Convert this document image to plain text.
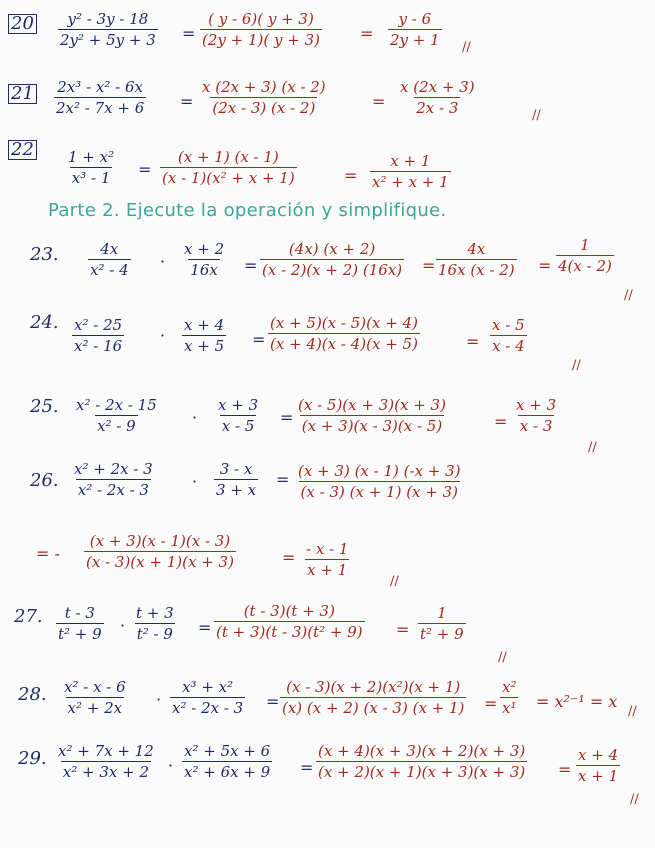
$20 \frac{\text{y² - 3y - 18}}{\text{2y² + 5y + 3}} = \frac{( y - 6)( y + 3)}{(2y + 1)( y + 3)} = \frac{y - 6}{2y + 1}$ //
$21 \frac{\text{2x³ - x² - 6x}}{\text{2x² - 7x + 6}} = \frac{x (2x + 3) (x - 2)}{(2x - 3) (x - 2)}$	= $\frac{x (2x + 3)}{2x - 3}$	//
$22 \frac{\text{1 + x²}}{\text{x³ - 1}} = \frac{(x + 1) (x - 1)}{\text{(x - 1)(x² + x + 1)}}$	= $\frac{x + 1}{\text{x² + x + 1}}$
Parte 2. Ejecute la operación y simplifique.
23. $\frac{4x}{\text{x² - 4}} \cdot \frac{x + 2}{16x} = \frac{(4x) (x + 2)}{(x - 2)(x + 2) (16x)} = \frac{4x}{16x (x - 2)} = \frac{1}{4(x - 2)}$
//
24. $\frac{\text{x² - 25}}{\text{x² - 16}} \cdot \frac{x + 4}{x + 5} = \frac{(x + 5)(x - 5)(x + 4)}{(x + 4)(x - 4)(x + 5)}$	= $\frac{x - 5}{x - 4}$
//
25. $\frac{\text{x² - 2x - 15}}{\text{x² - 9}} \cdot \frac{x + 3}{x - 5} = \frac{(x - 5)(x + 3)(x + 3)}{(x + 3)(x - 3)(x - 5)}$	= $\frac{x + 3}{x - 3}$
//
26. $\frac{\text{x² + 2x - 3}}{\text{x² - 2x - 3}} \cdot \frac{3 - x}{3 + x} = \frac{(x + 3) (x - 1) (-x + 3)}{(x - 3) (x + 1) (x + 3)}$
= - $\frac{(x + 3)(x - 1)(x - 3)}{(x - 3)(x + 1)(x + 3)}$	= $\frac{- x - 1}{x + 1}$
//
27. $\frac{t - 3}{\text{t² + 9}} \cdot \frac{t + 3}{\text{t² - 9}} = \frac{(t - 3)(t + 3)}{\text{(t + 3)(t - 3)(t² + 9)}} = \frac{1}{\text{t² + 9}}$
//
28. $\frac{\text{x² - x - 6}}{\text{x² + 2x}} \cdot \frac{\text{x³ + x²}}{\text{x² - 2x - 3}} = \frac{\text{(x - 3)(x + 2)(x²)(x + 1)}}{(x) (x + 2) (x - 3) (x + 1)} = \frac{\text{x²}}{\text{x¹}} = x^{2-1} = x$
//
29. $\frac{\text{x² + 7x + 12}}{\text{x² + 3x + 2}} \cdot \frac{\text{x² + 5x + 6}}{\text{x² + 6x + 9}} = \frac{(x + 4)(x + 3)(x + 2)(x + 3)}{(x + 2)(x + 1)(x + 3)(x + 3)} = \frac{x + 4}{x + 1}$
//
